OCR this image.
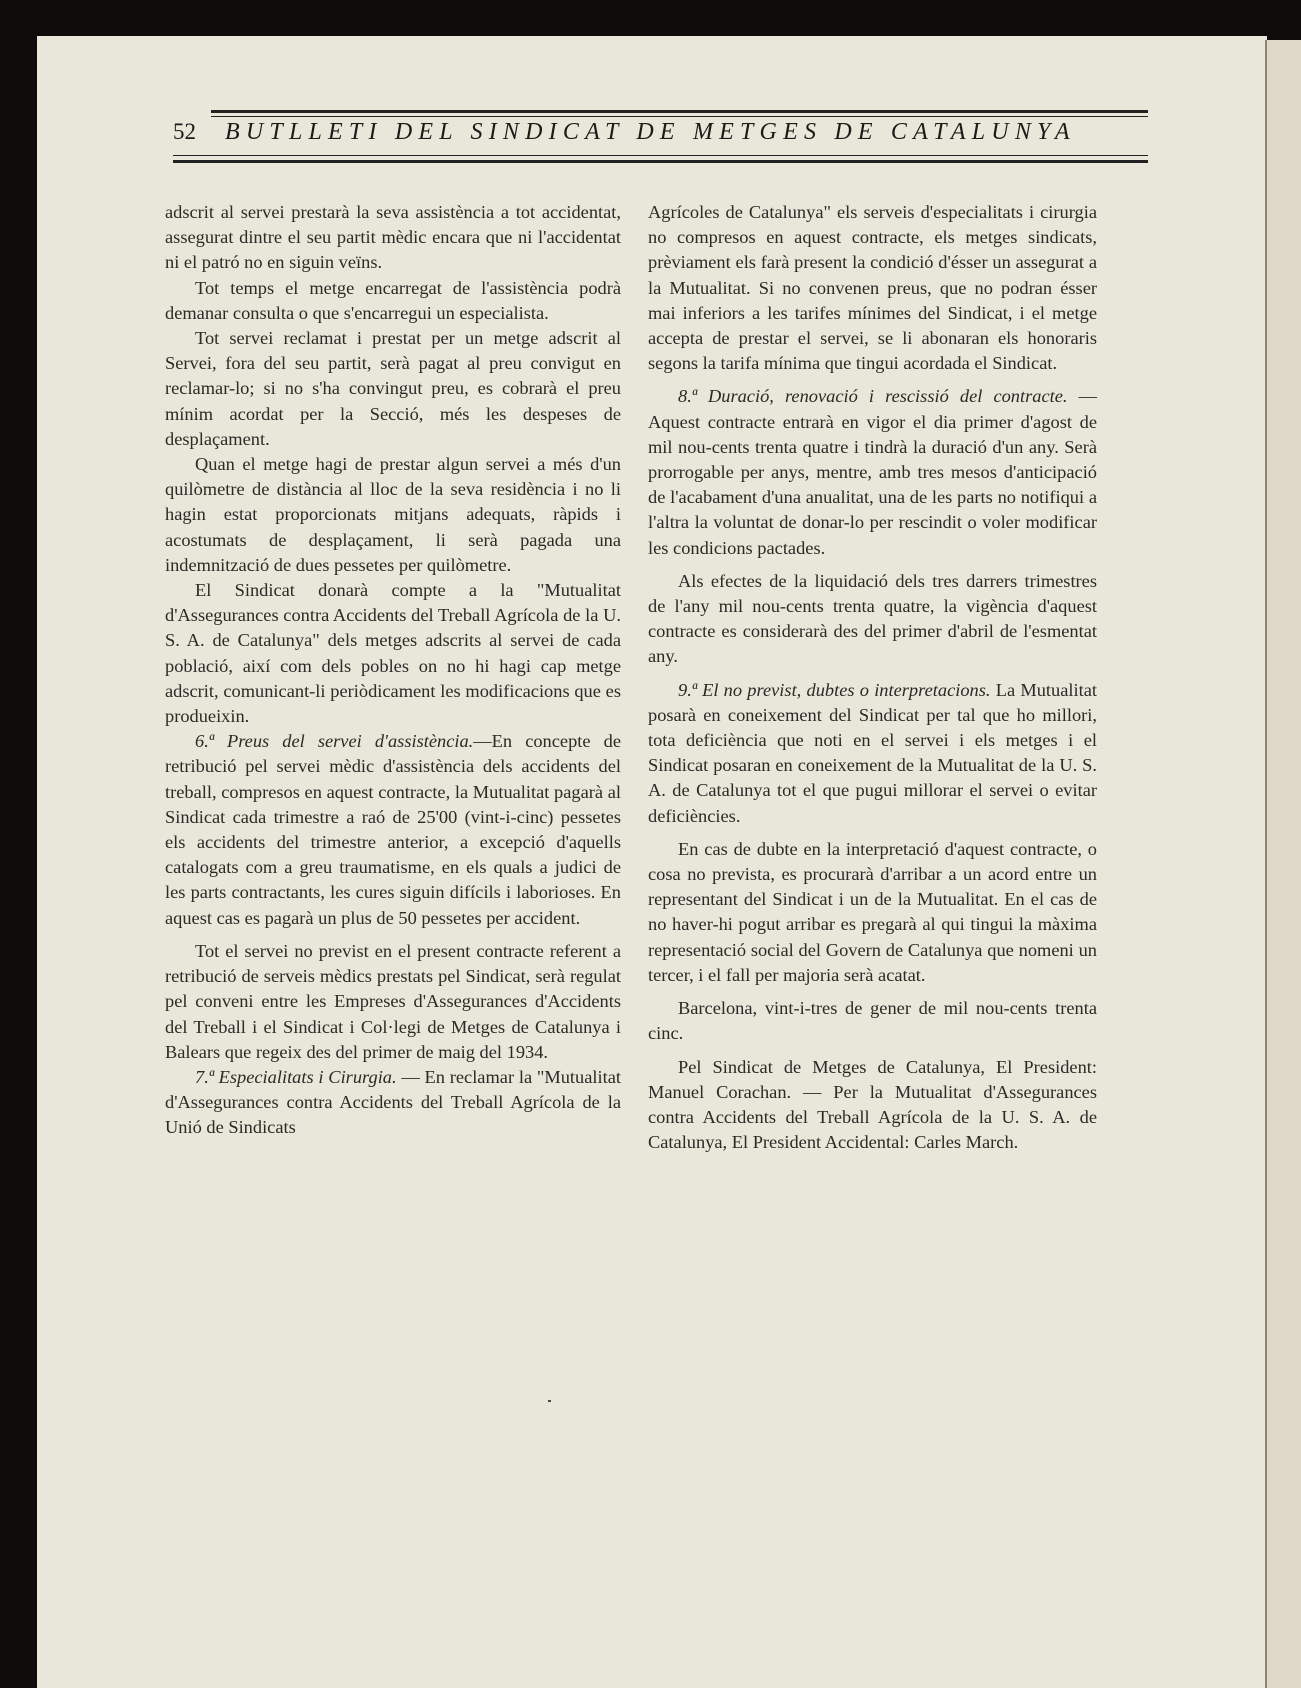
52 BUTLLETI DEL SINDICAT DE METGES DE CATALUNYA

adscrit al servei prestarà la seva assistència a tot accidentat, assegurat dintre el seu partit mèdic encara que ni l'accidentat ni el patró no en siguin veïns.

Tot temps el metge encarregat de l'assistència podrà demanar consulta o que s'encarregui un especialista.

Tot servei reclamat i prestat per un metge adscrit al Servei, fora del seu partit, serà pagat al preu convigut en reclamar-lo; si no s'ha convingut preu, es cobrarà el preu mínim acordat per la Secció, més les despeses de desplaçament.

Quan el metge hagi de prestar algun servei a més d'un quilòmetre de distància al lloc de la seva residència i no li hagin estat proporcionats mitjans adequats, ràpids i acostumats de desplaçament, li serà pagada una indemnització de dues pessetes per quilòmetre.

El Sindicat donarà compte a la "Mutualitat d'Assegurances contra Accidents del Treball Agrícola de la U. S. A. de Catalunya" dels metges adscrits al servei de cada població, així com dels pobles on no hi hagi cap metge adscrit, comunicant-li periòdicament les modificacions que es produeixin.

6.ª Preus del servei d'assistència.—En concepte de retribució pel servei mèdic d'assistència dels accidents del treball, compresos en aquest contracte, la Mutualitat pagarà al Sindicat cada trimestre a raó de 25'00 (vint-i-cinc) pessetes els accidents del trimestre anterior, a excepció d'aquells catalogats com a greu traumatisme, en els quals a judici de les parts contractants, les cures siguin difícils i laborioses. En aquest cas es pagarà un plus de 50 pessetes per accident.

Tot el servei no previst en el present contracte referent a retribució de serveis mèdics prestats pel Sindicat, serà regulat pel conveni entre les Empreses d'Assegurances d'Accidents del Treball i el Sindicat i Col·legi de Metges de Catalunya i Balears que regeix des del primer de maig del 1934.

7.ª Especialitats i Cirurgia. — En reclamar la "Mutualitat d'Assegurances contra Accidents del Treball Agrícola de la Unió de Sindicats

Agrícoles de Catalunya" els serveis d'especialitats i cirurgia no compresos en aquest contracte, els metges sindicats, prèviament els farà present la condició d'ésser un assegurat a la Mutualitat. Si no convenen preus, que no podran ésser mai inferiors a les tarifes mínimes del Sindicat, i el metge accepta de prestar el servei, se li abonaran els honoraris segons la tarifa mínima que tingui acordada el Sindicat.

8.ª Duració, renovació i rescissió del contracte. — Aquest contracte entrarà en vigor el dia primer d'agost de mil nou-cents trenta quatre i tindrà la duració d'un any. Serà prorrogable per anys, mentre, amb tres mesos d'anticipació de l'acabament d'una anualitat, una de les parts no notifiqui a l'altra la voluntat de donar-lo per rescindit o voler modificar les condicions pactades.

Als efectes de la liquidació dels tres darrers trimestres de l'any mil nou-cents trenta quatre, la vigència d'aquest contracte es considerarà des del primer d'abril de l'esmentat any.

9.ª El no previst, dubtes o interpretacions. La Mutualitat posarà en coneixement del Sindicat per tal que ho millori, tota deficiència que noti en el servei i els metges i el Sindicat posaran en coneixement de la Mutualitat de la U. S. A. de Catalunya tot el que pugui millorar el servei o evitar deficiències.

En cas de dubte en la interpretació d'aquest contracte, o cosa no prevista, es procurarà d'arribar a un acord entre un representant del Sindicat i un de la Mutualitat. En el cas de no haver-hi pogut arribar es pregarà al qui tingui la màxima representació social del Govern de Catalunya que nomeni un tercer, i el fall per majoria serà acatat.

Barcelona, vint-i-tres de gener de mil nou-cents trenta cinc.

Pel Sindicat de Metges de Catalunya, El President: Manuel Corachan. — Per la Mutualitat d'Assegurances contra Accidents del Treball Agrícola de la U. S. A. de Catalunya, El President Accidental: Carles March.
